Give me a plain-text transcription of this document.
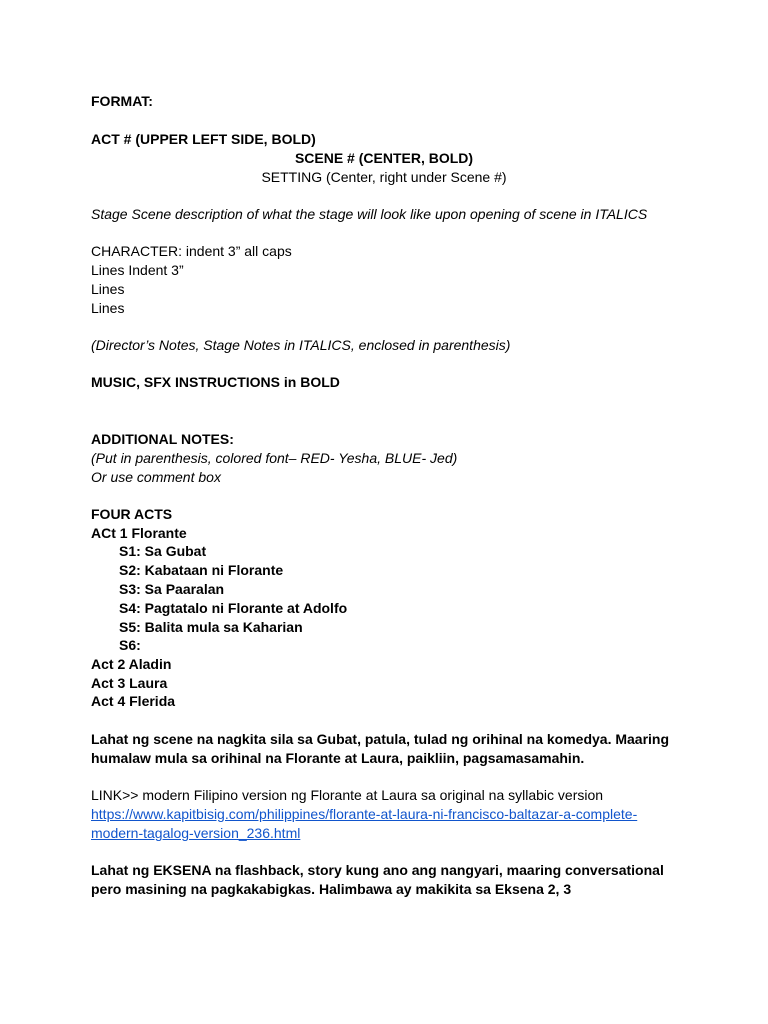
FORMAT:
ACT # (UPPER LEFT SIDE, BOLD)
SCENE # (CENTER, BOLD)
SETTING (Center, right under Scene #)
Stage Scene description of what the stage will look like upon opening of scene in ITALICS
CHARACTER: indent 3” all caps
Lines Indent 3”
Lines
Lines
(Director’s Notes, Stage Notes in ITALICS, enclosed in parenthesis)
MUSIC, SFX INSTRUCTIONS in BOLD
ADDITIONAL NOTES:
(Put in parenthesis, colored font– RED- Yesha, BLUE- Jed)
Or use comment box
FOUR ACTS
ACt 1 Florante
S1: Sa Gubat
S2: Kabataan ni Florante
S3: Sa Paaralan
S4: Pagtatalo ni Florante at Adolfo
S5: Balita mula sa Kaharian
S6:
Act 2 Aladin
Act 3 Laura
Act 4 Flerida
Lahat ng scene na nagkita sila sa Gubat, patula, tulad ng orihinal na komedya. Maaring
humalaw mula sa orihinal na Florante at Laura, paikliin, pagsamasamahin.
LINK>> modern Filipino version ng Florante at Laura sa original na syllabic version
https://www.kapitbisig.com/philippines/florante-at-laura-ni-francisco-baltazar-a-complete-
modern-tagalog-version_236.html
Lahat ng EKSENA na flashback, story kung ano ang nangyari, maaring conversational
pero masining na pagkakabigkas. Halimbawa ay makikita sa Eksena 2, 3
